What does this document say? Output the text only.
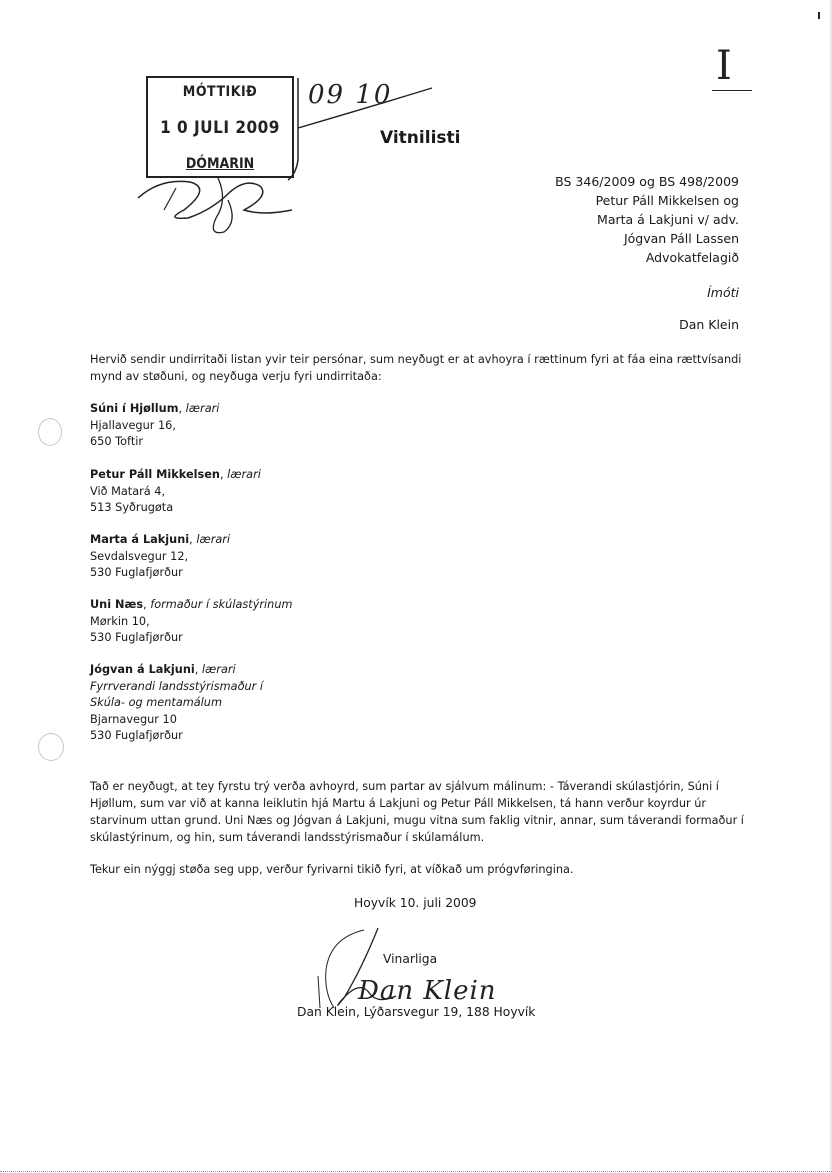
MÓTTIKIÐ
1 0 JULI 2009
DÓMARIN
09 10
I
Vitnilisti
BS 346/2009 og BS 498/2009
Petur Páll Mikkelsen og
Marta á Lakjuni v/ adv.
Jógvan Páll Lassen
Advokatfelagið
Ímóti
Dan Klein
Hervið sendir undirritaði listan yvir teir persónar, sum neyðugt er at avhoyra í rættinum fyri at fáa eina rættvísandi mynd av støðuni, og neyðuga verju fyri undirritaða:
Súni í Hjøllum, lærari
Hjallavegur 16,
650 Toftir
Petur Páll Mikkelsen, lærari
Við Matará 4,
513 Syðrugøta
Marta á Lakjuni, lærari
Sevdalsvegur 12,
530 Fuglafjørður
Uni Næs, formaður í skúlastýrinum
Mørkin 10,
530 Fuglafjørður
Jógvan á Lakjuni, lærari
Fyrrverandi landsstýrismaður í
Skúla- og mentamálum
Bjarnavegur 10
530 Fuglafjørður
Tað er neyðugt, at tey fyrstu trý verða avhoyrd, sum partar av sjálvum málinum: - Táverandi skúlastjórin, Súni í Hjøllum, sum var við at kanna leiklutin hjá Martu á Lakjuni og Petur Páll Mikkelsen, tá hann verður koyrdur úr starvinum uttan grund. Uni Næs og Jógvan á Lakjuni, mugu vitna sum faklig vitnir, annar, sum táverandi formaður í skúlastýrinum, og hin, sum táverandi landsstýrismaður í skúlamálum.
Tekur ein nýggj støða seg upp, verður fyrivarni tikið fyri, at víðkað um prógvføringina.
Hoyvík 10. juli 2009
Vinarliga
Dan Klein
Dan Klein, Lýðarsvegur 19, 188 Hoyvík
